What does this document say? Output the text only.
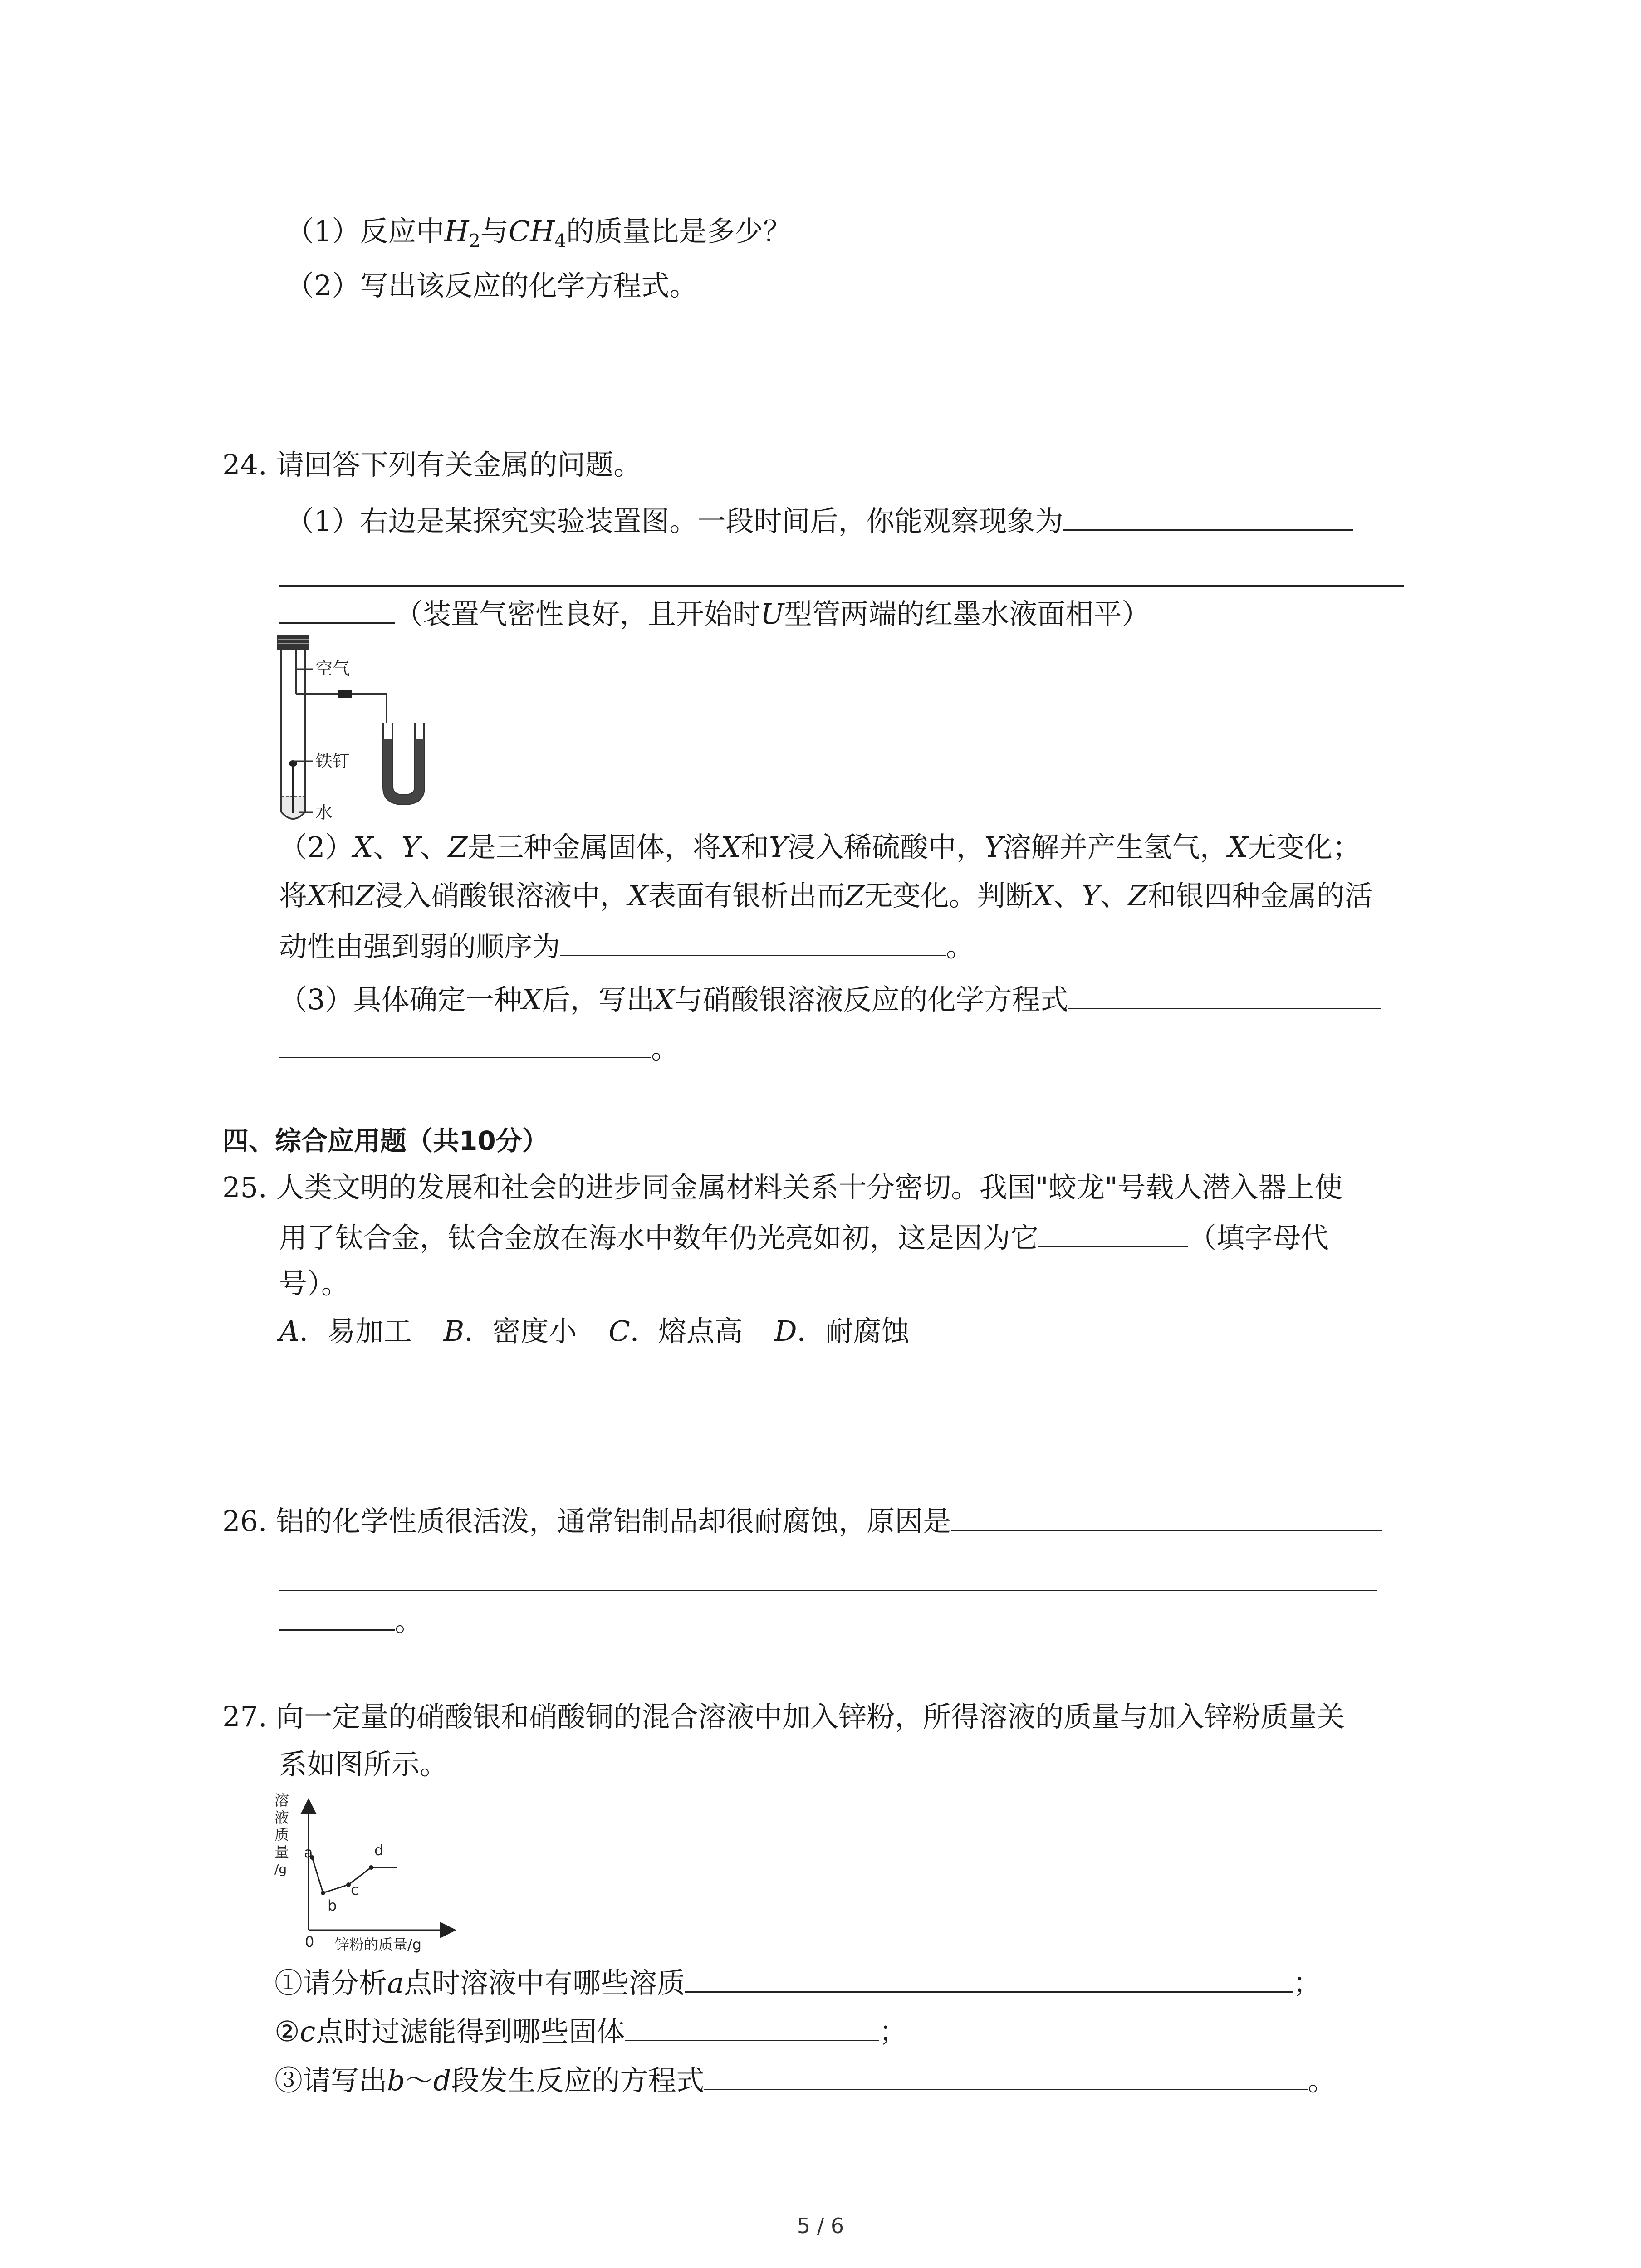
（1）反应中$H_2$与$CH_4$的质量比是多少？
（2）写出该反应的化学方程式。
24. 请回答下列有关金属的问题。
（1）右边是某探究实验装置图。一段时间后，你能观察现象为
（装置气密性良好，且开始时U型管两端的红墨水液面相平）
空气
铁钉
水
（2）X、Y、Z是三种金属固体，将X和Y浸入稀硫酸中，Y溶解并产生氢气，X无变化；
将X和Z浸入硝酸银溶液中，X表面有银析出而Z无变化。判断X、Y、Z和银四种金属的活
动性由强到弱的顺序为	。
（3）具体确定一种X后，写出X与硝酸银溶液反应的化学方程式
。
四、综合应用题（共10分）
25. 人类文明的发展和社会的进步同金属材料关系十分密切。我国"蛟龙"号载人潜入器上使
用了钛合金，钛合金放在海水中数年仍光亮如初，这是因为它	（填字母代
号）。
A．易加工 B．密度小 C．熔点高 D．耐腐蚀
26. 铝的化学性质很活泼，通常铝制品却很耐腐蚀，原因是
。
27. 向一定量的硝酸银和硝酸铜的混合溶液中加入锌粉，所得溶液的质量与加入锌粉质量关
系如图所示。
溶
液
质
量
/g
a
b
c
d
0 锌粉的质量/g
①请分析a点时溶液中有哪些溶质	；
②c点时过滤能得到哪些固体	；
③请写出b～d段发生反应的方程式	。
5 / 6
